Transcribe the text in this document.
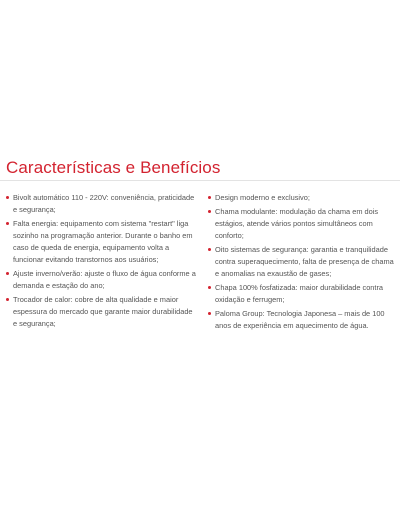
Características e Benefícios
Bivolt automático 110 - 220V: conveniência, praticidade e segurança;
Falta energia: equipamento com sistema "restart" liga sozinho na programação anterior. Durante o banho em caso de queda de energia, equipamento volta a funcionar evitando transtornos aos usuários;
Ajuste inverno/verão: ajuste o fluxo de água conforme a demanda e estação do ano;
Trocador de calor: cobre de alta qualidade e maior espessura do mercado que garante maior durabilidade e segurança;
Design moderno e exclusivo;
Chama modulante: modulação da chama em dois estágios, atende vários pontos simultâneos com conforto;
Oito sistemas de segurança: garantia e tranquilidade contra superaquecimento, falta de presença de chama e anomalias na exaustão de gases;
Chapa 100% fosfatizada: maior durabilidade contra oxidação e ferrugem;
Paloma Group: Tecnologia Japonesa – mais de 100 anos de experiência em aquecimento de água.
